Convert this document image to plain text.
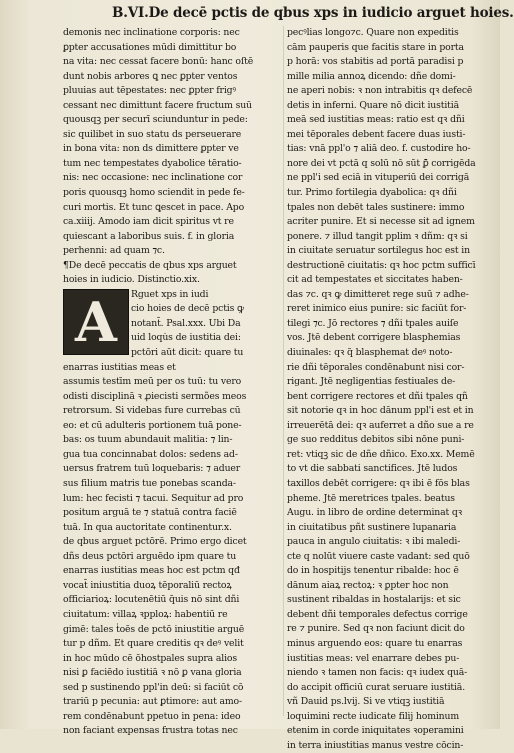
B.VI.De decē pctis de qbus xps in iudicio arguet hoies.
demonis nec inclinatione corporis: nec
ꝑpter accusationes mūdi dimittitur bo
na vita: nec cessat facere bonū: hanc oſtē
dunt nobis arbores ꝗ nec ꝑpter ventos
pluuias aut tēpestates: nec ꝑpter frigꝰ
cessant nec dimittunt facere fructum suū
quousqꝫ per securī sciunduntur in pede:
sic quilibet in suo statu ds perseuerare
in bona vita: non ds dimittere ꝑpter ve
tum nec tempestates dyabolice tēratio-
nis: nec occasione: nec inclinatione cor
poris quousqꝫ homo sciendit in pede fe-
curi mortis. Et tunc ꝗescet in pace. Apo
ca.xiiij. Amodo iam dicit spiritus vt re
quiescant a laboribus suis. f. in gloria
perhenni: ad quam ⁊c.
¶De decē peccatis de qbus xps arguet
hoies in iudicio. Distinctio.xix.
A	Rguet xps in iudi
cio hoies de decē pctis ꝙ
notant̄. Psal.xxx. Ubi Da
uid loqu̇s de iustitia dei:
pctōri aūt dicit: quare tu
enarras iustitias meas et
assumis testīm meū per os tuū: tu vero
odisti disciplinā ꝛ ꝓiecisti sermões meos
retrorsum. Si videbas fure currebas cū
eo: et cū adulteris portionem tuā pone-
bas: os tuum abundauit malitia: ⁊ lin-
gua tua concinnabat dolos: sedens ad-
uersus fratrem tuū loquebaris: ⁊ aduer
sus filium matris tue ponebas scanda-
lum: hec fecisti ⁊ tacui. Sequitur ad pro
positum arguā te ⁊ statuā contra faciē
tuā. In qua auctoritate continentur.x.
de qbus arguet pctōrē. Primo ergo dicet
dñs deus pctōri arguēdo ipm quare tu
enarras iustitias meas hoc est pctm qđ
vocat̄ iniustitia duoꝝ tēporaliū rectoꝝ
officiarioꝝ: locutenētiū q̄uis nō sint dñi
ciuitatum: villaꝝ ꝛpploꝝ: habentiū re
gimē: tales ṫoēs de pctō iniustitie arguē
tur p dñm. Et quare creditis qꝛ deꝰ velit
in hoc mūdo cē ōhostpales supra alios
nisi ꝑ faciēdo iustitiā ꝛ nō ꝑ vana gloria
sed p sustinendo ppl'in deū: si faciūt cō
trariū p pecunia: aut ꝑtimore: aut amo-
rem condēnabunt ppetuo in pena: ideo
non faciant expensas frustra totas nec
pecꝰlias longo⁊c. Quare non expeditis
cām pauperis que facitis stare in porta
p horā: vos stabitis ad portā paradisi p
mille milia annoꝝ dicendo: dñe domi-
ne aperi nobis: ꝛ non intrabitis qꝛ defecē
detis in inferni. Quare nō dicit iustitiā
meā sed iustitias meas: ratio est qꝛ dñi
mei tēporales debent facere duas iusti-
tias: vnā ppl'o ⁊ aliā deo. f. custodire ho-
nore dei vt pctā q solū nō sūt ꝑ̄ corrigēda
ne ppl'i sed eciā in vituperiū dei corrigā
tur. Primo fortilegia dyabolica: qꝛ dñi
tpales non debēt tales sustinere: immo
acriter punire. Et si necesse sit ad ignem
ponere. ⁊ illud tangit pplim ꝛ dñm: qꝛ si
in ciuitate seruatur sortilegus hoc est in
destructionē ciuitatis: qꝛ hoc pctm sufficī
cit ad tempestates et siccitates haben-
das ⁊c. qꝛ ꝙ dimitteret rege suū ⁊ adhe-
reret inimico eius punire: sic faciūt for-
tilegi ⁊c. Jō rectores ⁊ dñi tpales auiſe
vos. Jtē debent corrigere blasphemias
diuinales: qꝛ q̃ blasphemat deꝰ noto-
rie dñi tēporales condēnabunt nisi cor-
rigant. Jtē negligentias festiuales de-
bent corrigere rectores et dñi tpales qñ
sit notorie qꝛ in hoc dānum ppl'i est et in
irreuerētā dei: qꝛ auferret a dño sue a re
ge suo redditus debitos sibi nōne puni-
ret: vtiqꝫ sic de dñe dñico. Exo.xx. Memē
to vt die sabbati sanctifices. Jtē ludos
taxillos debēt corrigere: qꝛ ibi ē fōs blas
pheme. Jtē meretrices tpales. beatus
Augu. in libro de ordine determinat qꝛ
in ciuitatibus pñt sustinere lupanaria
pauca in angulo ciuitatis: ꝛ ibi maledi-
cte q nolūt viuere caste vadant: sed quō
do in hospitijs tenentur ribalde: hoc ē
dānum aiaꝝ rectoꝝ: ꝛ ꝑpter hoc non
sustinent ribaldas in hostalarijs: et sic
debent dñi temporales defectus corrige
re ⁊ punire. Sed qꝛ non faciunt dicit do
minus arguendo eos: quare tu enarras
iustitias meas: vel enarrare debes pu-
niendo ꝛ tamen non facis: qꝛ iudex quā-
do accipit officiū curat seruare iustitiā.
vñ Dauid ps.lvij. Si ve vtiqꝫ iustitiā
loquimini recte iudicate filij hominum
etenim in corde iniquitates ꝛoperamini
in terra iniustitias manus vestre cōcin-
